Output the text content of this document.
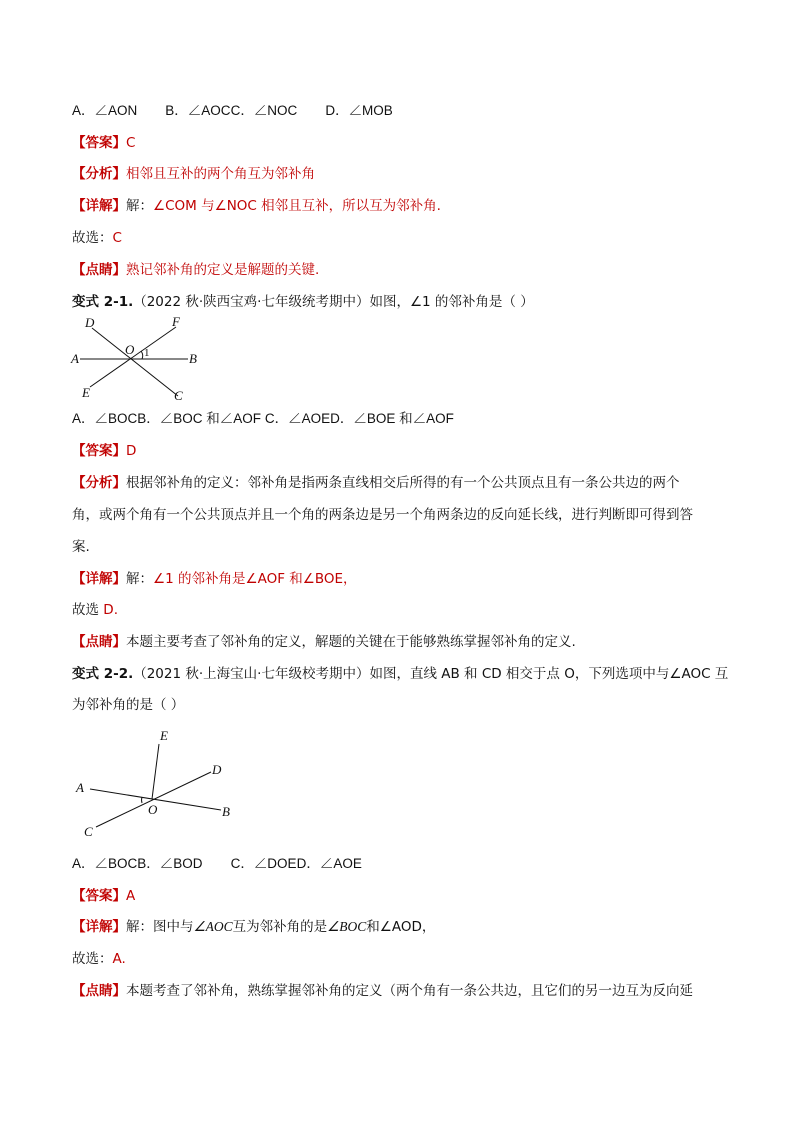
A．∠AON B．∠AOCC．∠NOC D．∠MOB
【答案】C
【分析】相邻且互补的两个角互为邻补角
【详解】解：∠COM 与∠NOC 相邻且互补，所以互为邻补角.
故选：C
【点睛】熟记邻补角的定义是解题的关键.
变式 2-1.（2022 秋·陕西宝鸡·七年级统考期中）如图，∠1 的邻补角是（ ）
D	F
A
O 1	B
E	C
A．∠BOCB．∠BOC 和∠AOF C．∠AOED．∠BOE 和∠AOF
【答案】D
【分析】根据邻补角的定义：邻补角是指两条直线相交后所得的有一个公共顶点且有一条公共边的两个
角，或两个角有一个公共顶点并且一个角的两条边是另一个角两条边的反向延长线，进行判断即可得到答
案.
【详解】解：∠1 的邻补角是∠AOF 和∠BOE，
故选 D.
【点睛】本题主要考查了邻补角的定义，解题的关键在于能够熟练掌握邻补角的定义.
变式 2-2.（2021 秋·上海宝山·七年级校考期中）如图，直线 AB 和 CD 相交于点 O，下列选项中与∠AOC 互
为邻补角的是（ ）
E
D
A
O	B
C
A．∠BOCB．∠BOD C．∠DOED．∠AOE
【答案】A
【详解】解：图中与∠AOC互为邻补角的是∠BOC和∠AOD，
故选：A.
【点睛】本题考查了邻补角，熟练掌握邻补角的定义（两个角有一条公共边，且它们的另一边互为反向延
